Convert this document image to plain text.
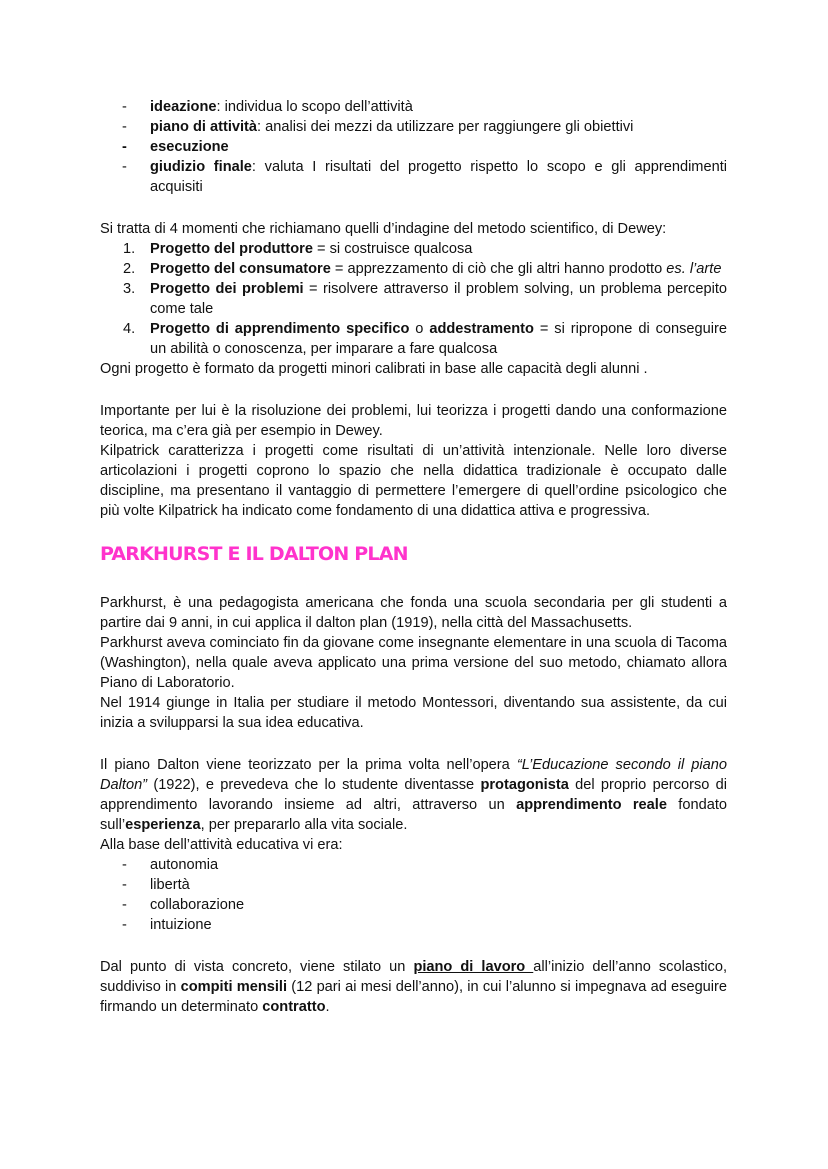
- ideazione: individua lo scopo dell’attività
- piano di attività: analisi dei mezzi da utilizzare per raggiungere gli obiettivi
- esecuzione
- giudizio finale: valuta I risultati del progetto rispetto lo scopo e gli apprendimenti acquisiti

Si tratta di 4 momenti che richiamano quelli d’indagine del metodo scientifico, di Dewey:

1. Progetto del produttore = si costruisce qualcosa
2. Progetto del consumatore = apprezzamento di ciò che gli altri hanno prodotto es. l’arte
3. Progetto dei problemi = risolvere attraverso il problem solving, un problema percepito come tale
4. Progetto di apprendimento specifico o addestramento = si ripropone di conseguire un abilità o conoscenza, per imparare a fare qualcosa

Ogni progetto è formato da progetti minori calibrati in base alle capacità degli alunni .

Importante per lui è la risoluzione dei problemi, lui teorizza i progetti dando una conformazione teorica, ma c’era già per esempio in Dewey.

Kilpatrick caratterizza i progetti come risultati di un’attività intenzionale. Nelle loro diverse articolazioni i progetti coprono lo spazio che nella didattica tradizionale è occupato dalle discipline, ma presentano il vantaggio di permettere l’emergere di quell’ordine psicologico che più volte Kilpatrick ha indicato come fondamento di una didattica attiva e progressiva.

PARKHURST E IL DALTON PLAN

Parkhurst, è una pedagogista americana che fonda una scuola secondaria per gli studenti a partire dai 9 anni, in cui applica il dalton plan (1919), nella città del Massachusetts.

Parkhurst aveva cominciato fin da giovane come insegnante elementare in una scuola di Tacoma (Washington), nella quale aveva applicato una prima versione del suo metodo, chiamato allora Piano di Laboratorio.

Nel 1914 giunge in Italia per studiare il metodo Montessori, diventando sua assistente, da cui inizia a svilupparsi la sua idea educativa.

Il piano Dalton viene teorizzato per la prima volta nell’opera “L’Educazione secondo il piano Dalton” (1922), e prevedeva che lo studente diventasse protagonista del proprio percorso di apprendimento lavorando insieme ad altri, attraverso un apprendimento reale fondato sull’esperienza, per prepararlo alla vita sociale.

Alla base dell’attività educativa vi era:

- autonomia
- libertà
- collaborazione
- intuizione

Dal punto di vista concreto, viene stilato un piano di lavoro all’inizio dell’anno scolastico, suddiviso in compiti mensili (12 pari ai mesi dell’anno), in cui l’alunno si impegnava ad eseguire firmando un determinato contratto.
